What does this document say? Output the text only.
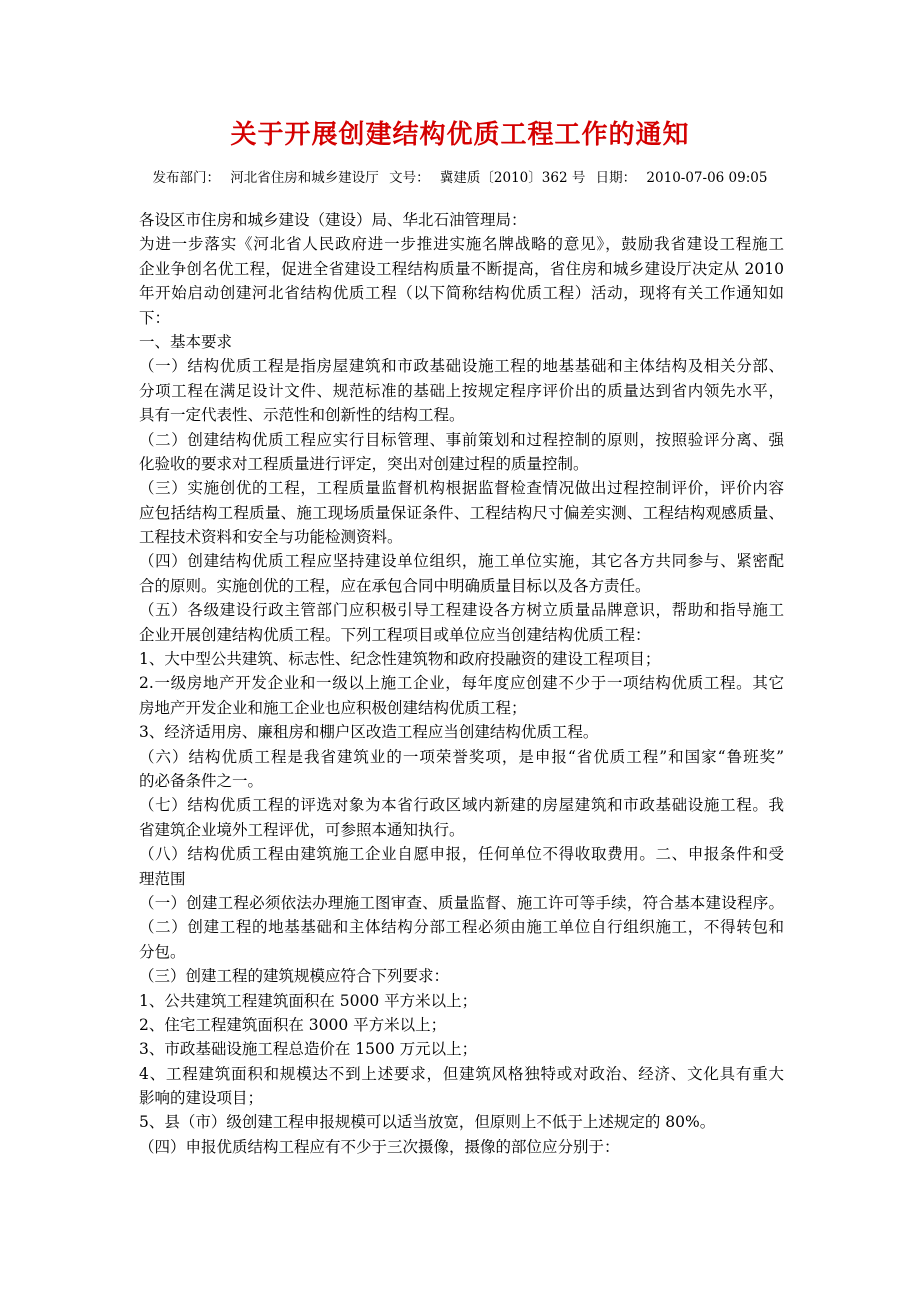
关于开展创建结构优质工程工作的通知
发布部门： 河北省住房和城乡建设厅 文号： 冀建质〔2010〕362 号 日期： 2010-07-06 09:05
各设区市住房和城乡建设（建设）局、华北石油管理局：
为进一步落实《河北省人民政府进一步推进实施名牌战略的意见》，鼓励我省建设工程施工
企业争创名优工程，促进全省建设工程结构质量不断提高，省住房和城乡建设厅决定从 2010
年开始启动创建河北省结构优质工程（以下简称结构优质工程）活动，现将有关工作通知如
下：
一、基本要求
（一）结构优质工程是指房屋建筑和市政基础设施工程的地基基础和主体结构及相关分部、
分项工程在满足设计文件、规范标准的基础上按规定程序评价出的质量达到省内领先水平，
具有一定代表性、示范性和创新性的结构工程。
（二）创建结构优质工程应实行目标管理、事前策划和过程控制的原则，按照验评分离、强
化验收的要求对工程质量进行评定，突出对创建过程的质量控制。
（三）实施创优的工程，工程质量监督机构根据监督检查情况做出过程控制评价，评价内容
应包括结构工程质量、施工现场质量保证条件、工程结构尺寸偏差实测、工程结构观感质量、
工程技术资料和安全与功能检测资料。
（四）创建结构优质工程应坚持建设单位组织，施工单位实施，其它各方共同参与、紧密配
合的原则。实施创优的工程，应在承包合同中明确质量目标以及各方责任。
（五）各级建设行政主管部门应积极引导工程建设各方树立质量品牌意识，帮助和指导施工
企业开展创建结构优质工程。下列工程项目或单位应当创建结构优质工程：
1、大中型公共建筑、标志性、纪念性建筑物和政府投融资的建设工程项目；
2.一级房地产开发企业和一级以上施工企业，每年度应创建不少于一项结构优质工程。其它
房地产开发企业和施工企业也应积极创建结构优质工程；
3、经济适用房、廉租房和棚户区改造工程应当创建结构优质工程。
（六）结构优质工程是我省建筑业的一项荣誉奖项，是申报“省优质工程”和国家“鲁班奖”
的必备条件之一。
（七）结构优质工程的评选对象为本省行政区域内新建的房屋建筑和市政基础设施工程。我
省建筑企业境外工程评优，可参照本通知执行。
（八）结构优质工程由建筑施工企业自愿申报，任何单位不得收取费用。二、申报条件和受
理范围
（一）创建工程必须依法办理施工图审查、质量监督、施工许可等手续，符合基本建设程序。
（二）创建工程的地基基础和主体结构分部工程必须由施工单位自行组织施工，不得转包和
分包。
（三）创建工程的建筑规模应符合下列要求：
1、公共建筑工程建筑面积在 5000 平方米以上；
2、住宅工程建筑面积在 3000 平方米以上；
3、市政基础设施工程总造价在 1500 万元以上；
4、工程建筑面积和规模达不到上述要求，但建筑风格独特或对政治、经济、文化具有重大
影响的建设项目；
5、县（市）级创建工程申报规模可以适当放宽，但原则上不低于上述规定的 80%。
（四）申报优质结构工程应有不少于三次摄像，摄像的部位应分别于：
